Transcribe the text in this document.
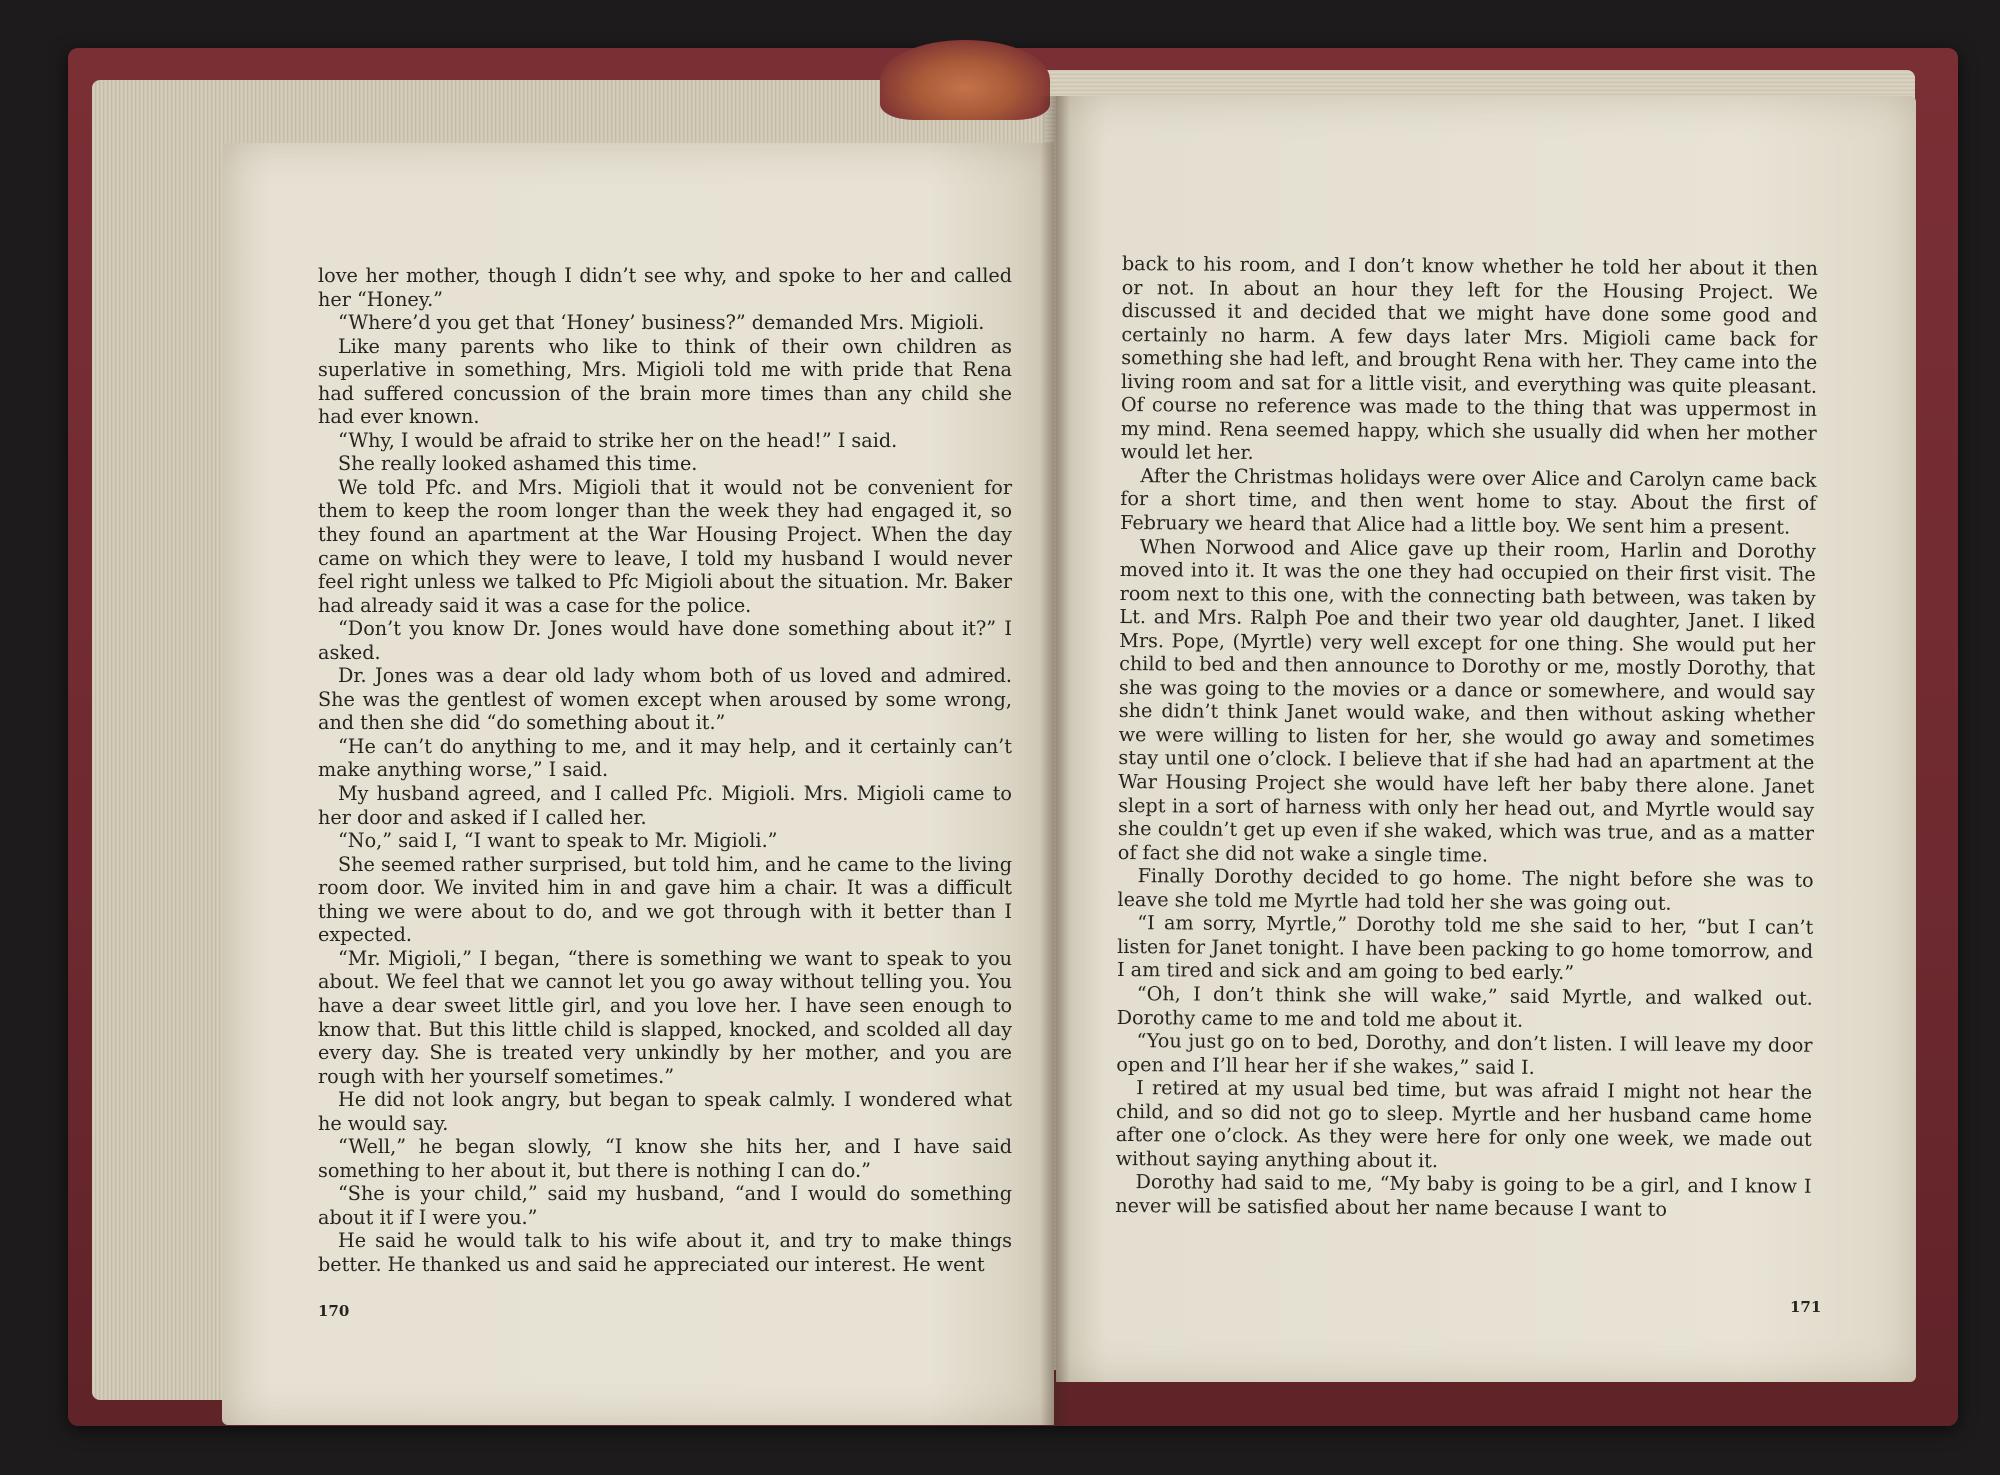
love her mother, though I didn’t see why, and spoke to her and called her “Honey.”

“Where’d you get that ‘Honey’ business?” demanded Mrs. Migioli.

Like many parents who like to think of their own children as superlative in something, Mrs. Migioli told me with pride that Rena had suffered concussion of the brain more times than any child she had ever known.

“Why, I would be afraid to strike her on the head!” I said.

She really looked ashamed this time.

We told Pfc. and Mrs. Migioli that it would not be convenient for them to keep the room longer than the week they had engaged it, so they found an apartment at the War Housing Project. When the day came on which they were to leave, I told my husband I would never feel right unless we talked to Pfc Migioli about the situation. Mr. Baker had already said it was a case for the police.

“Don’t you know Dr. Jones would have done something about it?” I asked.

Dr. Jones was a dear old lady whom both of us loved and admired. She was the gentlest of women except when aroused by some wrong, and then she did “do something about it.”

“He can’t do anything to me, and it may help, and it certainly can’t make anything worse,” I said.

My husband agreed, and I called Pfc. Migioli. Mrs. Migioli came to her door and asked if I called her.

“No,” said I, “I want to speak to Mr. Migioli.”

She seemed rather surprised, but told him, and he came to the living room door. We invited him in and gave him a chair. It was a difficult thing we were about to do, and we got through with it better than I expected.

“Mr. Migioli,” I began, “there is something we want to speak to you about. We feel that we cannot let you go away without telling you. You have a dear sweet little girl, and you love her. I have seen enough to know that. But this little child is slapped, knocked, and scolded all day every day. She is treated very unkindly by her mother, and you are rough with her yourself sometimes.”

He did not look angry, but began to speak calmly. I wondered what he would say.

“Well,” he began slowly, “I know she hits her, and I have said something to her about it, but there is nothing I can do.”

“She is your child,” said my husband, “and I would do something about it if I were you.”

He said he would talk to his wife about it, and try to make things better. He thanked us and said he appreciated our interest. He went

170

back to his room, and I don’t know whether he told her about it then or not. In about an hour they left for the Housing Project. We discussed it and decided that we might have done some good and certainly no harm. A few days later Mrs. Migioli came back for something she had left, and brought Rena with her. They came into the living room and sat for a little visit, and everything was quite pleasant. Of course no reference was made to the thing that was uppermost in my mind. Rena seemed happy, which she usually did when her mother would let her.

After the Christmas holidays were over Alice and Carolyn came back for a short time, and then went home to stay. About the first of February we heard that Alice had a little boy. We sent him a present.

When Norwood and Alice gave up their room, Harlin and Dorothy moved into it. It was the one they had occupied on their first visit. The room next to this one, with the connecting bath between, was taken by Lt. and Mrs. Ralph Poe and their two year old daughter, Janet. I liked Mrs. Pope, (Myrtle) very well except for one thing. She would put her child to bed and then announce to Dorothy or me, mostly Dorothy, that she was going to the movies or a dance or somewhere, and would say she didn’t think Janet would wake, and then without asking whether we were willing to listen for her, she would go away and sometimes stay until one o’clock. I believe that if she had had an apartment at the War Housing Project she would have left her baby there alone. Janet slept in a sort of harness with only her head out, and Myrtle would say she couldn’t get up even if she waked, which was true, and as a matter of fact she did not wake a single time.

Finally Dorothy decided to go home. The night before she was to leave she told me Myrtle had told her she was going out.

“I am sorry, Myrtle,” Dorothy told me she said to her, “but I can’t listen for Janet tonight. I have been packing to go home tomorrow, and I am tired and sick and am going to bed early.”

“Oh, I don’t think she will wake,” said Myrtle, and walked out. Dorothy came to me and told me about it.

“You just go on to bed, Dorothy, and don’t listen. I will leave my door open and I’ll hear her if she wakes,” said I.

I retired at my usual bed time, but was afraid I might not hear the child, and so did not go to sleep. Myrtle and her husband came home after one o’clock. As they were here for only one week, we made out without saying anything about it.

Dorothy had said to me, “My baby is going to be a girl, and I know I never will be satisfied about her name because I want to

171
